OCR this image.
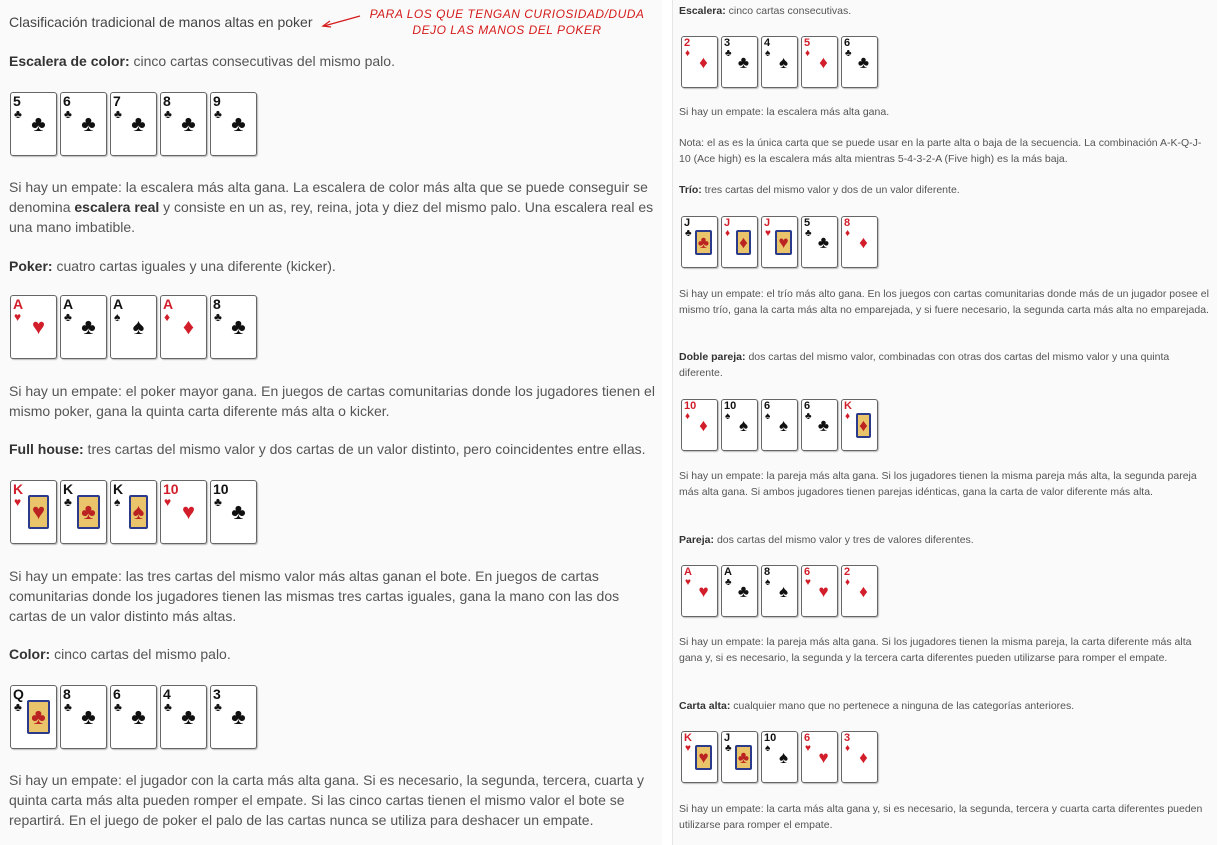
Clasificación tradicional de manos altas en poker	PARA LOS QUE TENGAN CURIOSIDAD/DUDA
DEJO LAS MANOS DEL POKER

Escalera de color: cinco cartas consecutivas del mismo palo.

5
♣ ♣
6
♣ ♣
7
♣ ♣
8
♣ ♣
9
♣ ♣

Si hay un empate: la escalera más alta gana. La escalera de color más alta que se puede conseguir se denomina escalera real y consiste en un as, rey, reina, jota y diez del mismo palo. Una escalera real es una mano imbatible.

Poker: cuatro cartas iguales y una diferente (kicker).

A
♥ ♥
A
♣ ♣
A
♠ ♠
A
♦ ♦
8
♣ ♣

Si hay un empate: el poker mayor gana. En juegos de cartas comunitarias donde los jugadores tienen el mismo poker, gana la quinta carta diferente más alta o kicker.

Full house: tres cartas del mismo valor y dos cartas de un valor distinto, pero coincidentes entre ellas.

K
♥ ♥
K
♣ ♣
K
♠ ♠
10
♥ ♥
10
♣ ♣

Si hay un empate: las tres cartas del mismo valor más altas ganan el bote. En juegos de cartas comunitarias donde los jugadores tienen las mismas tres cartas iguales, gana la mano con las dos cartas de un valor distinto más altas.

Color: cinco cartas del mismo palo.

Q
♣ ♣
8
♣ ♣
6
♣ ♣
4
♣ ♣
3
♣ ♣

Si hay un empate: el jugador con la carta más alta gana. Si es necesario, la segunda, tercera, cuarta y quinta carta más alta pueden romper el empate. Si las cinco cartas tienen el mismo valor el bote se repartirá. En el juego de poker el palo de las cartas nunca se utiliza para deshacer un empate.

Escalera: cinco cartas consecutivas.

2
♦ ♦
3
♣ ♣
4
♠ ♠
5
♦ ♦
6
♣ ♣

Si hay un empate: la escalera más alta gana.

Nota: el as es la única carta que se puede usar en la parte alta o baja de la secuencia. La combinación A-K-Q-J-10 (Ace high) es la escalera más alta mientras 5-4-3-2-A (Five high) es la más baja.

Trío: tres cartas del mismo valor y dos de un valor diferente.

J
♣ ♣
J
♦ ♦
J
♥ ♥
5
♣ ♣
8
♦ ♦

Si hay un empate: el trío más alto gana. En los juegos con cartas comunitarias donde más de un jugador posee el mismo trío, gana la carta más alta no emparejada, y si fuere necesario, la segunda carta más alta no emparejada.

Doble pareja: dos cartas del mismo valor, combinadas con otras dos cartas del mismo valor y una quinta diferente.

10
♦ ♦
10
♠ ♠
6
♠ ♠
6
♣ ♣
K
♦ ♦

Si hay un empate: la pareja más alta gana. Si los jugadores tienen la misma pareja más alta, la segunda pareja más alta gana. Si ambos jugadores tienen parejas idénticas, gana la carta de valor diferente más alta.

Pareja: dos cartas del mismo valor y tres de valores diferentes.

A
♥ ♥
A
♣ ♣
8
♠ ♠
6
♥ ♥
2
♦ ♦

Si hay un empate: la pareja más alta gana. Si los jugadores tienen la misma pareja, la carta diferente más alta gana y, si es necesario, la segunda y la tercera carta diferentes pueden utilizarse para romper el empate.

Carta alta: cualquier mano que no pertenece a ninguna de las categorías anteriores.

K
♥ ♥
J
♣ ♣
10
♠ ♠
6
♥ ♥
3
♦ ♦

Si hay un empate: la carta más alta gana y, si es necesario, la segunda, tercera y cuarta carta diferentes pueden utilizarse para romper el empate.
